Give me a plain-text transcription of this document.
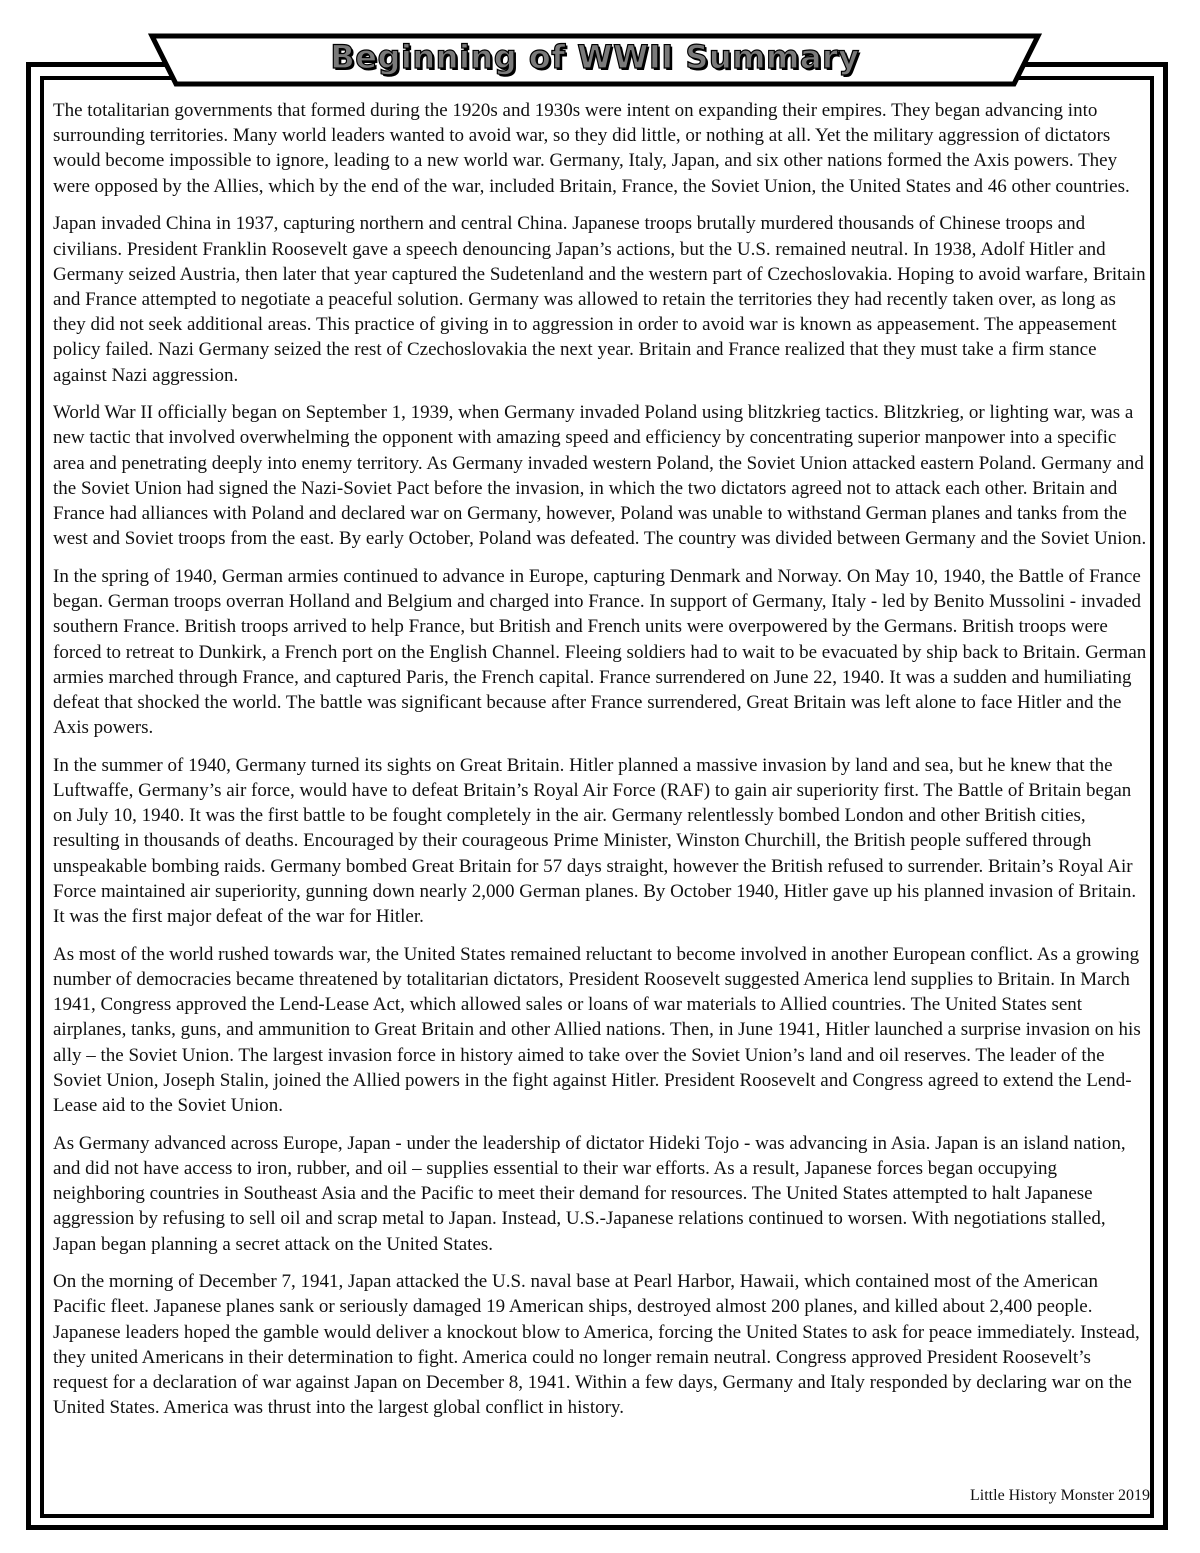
Beginning of WWII Summary

The totalitarian governments that formed during the 1920s and 1930s were intent on expanding their empires. They began advancing into surrounding territories. Many world leaders wanted to avoid war, so they did little, or nothing at all. Yet the military aggression of dictators would become impossible to ignore, leading to a new world war. Germany, Italy, Japan, and six other nations formed the Axis powers. They were opposed by the Allies, which by the end of the war, included Britain, France, the Soviet Union, the United States and 46 other countries.

Japan invaded China in 1937, capturing northern and central China. Japanese troops brutally murdered thousands of Chinese troops and civilians. President Franklin Roosevelt gave a speech denouncing Japan’s actions, but the U.S. remained neutral. In 1938, Adolf Hitler and Germany seized Austria, then later that year captured the Sudetenland and the western part of Czechoslovakia. Hoping to avoid warfare, Britain and France attempted to negotiate a peaceful solution. Germany was allowed to retain the territories they had recently taken over, as long as they did not seek additional areas. This practice of giving in to aggression in order to avoid war is known as appeasement. The appeasement policy failed. Nazi Germany seized the rest of Czechoslovakia the next year. Britain and France realized that they must take a firm stance against Nazi aggression.

World War II officially began on September 1, 1939, when Germany invaded Poland using blitzkrieg tactics. Blitzkrieg, or lighting war, was a new tactic that involved overwhelming the opponent with amazing speed and efficiency by concentrating superior manpower into a specific area and penetrating deeply into enemy territory. As Germany invaded western Poland, the Soviet Union attacked eastern Poland. Germany and the Soviet Union had signed the Nazi-Soviet Pact before the invasion, in which the two dictators agreed not to attack each other. Britain and France had alliances with Poland and declared war on Germany, however, Poland was unable to withstand German planes and tanks from the west and Soviet troops from the east. By early October, Poland was defeated. The country was divided between Germany and the Soviet Union.

In the spring of 1940, German armies continued to advance in Europe, capturing Denmark and Norway. On May 10, 1940, the Battle of France began. German troops overran Holland and Belgium and charged into France. In support of Germany, Italy - led by Benito Mussolini - invaded southern France. British troops arrived to help France, but British and French units were overpowered by the Germans. British troops were forced to retreat to Dunkirk, a French port on the English Channel. Fleeing soldiers had to wait to be evacuated by ship back to Britain. German armies marched through France, and captured Paris, the French capital. France surrendered on June 22, 1940. It was a sudden and humiliating defeat that shocked the world. The battle was significant because after France surrendered, Great Britain was left alone to face Hitler and the Axis powers.

In the summer of 1940, Germany turned its sights on Great Britain. Hitler planned a massive invasion by land and sea, but he knew that the Luftwaffe, Germany’s air force, would have to defeat Britain’s Royal Air Force (RAF) to gain air superiority first. The Battle of Britain began on July 10, 1940. It was the first battle to be fought completely in the air. Germany relentlessly bombed London and other British cities, resulting in thousands of deaths. Encouraged by their courageous Prime Minister, Winston Churchill, the British people suffered through unspeakable bombing raids. Germany bombed Great Britain for 57 days straight, however the British refused to surrender. Britain’s Royal Air Force maintained air superiority, gunning down nearly 2,000 German planes. By October 1940, Hitler gave up his planned invasion of Britain. It was the first major defeat of the war for Hitler.

As most of the world rushed towards war, the United States remained reluctant to become involved in another European conflict. As a growing number of democracies became threatened by totalitarian dictators, President Roosevelt suggested America lend supplies to Britain. In March 1941, Congress approved the Lend-Lease Act, which allowed sales or loans of war materials to Allied countries. The United States sent airplanes, tanks, guns, and ammunition to Great Britain and other Allied nations. Then, in June 1941, Hitler launched a surprise invasion on his ally – the Soviet Union. The largest invasion force in history aimed to take over the Soviet Union’s land and oil reserves. The leader of the Soviet Union, Joseph Stalin, joined the Allied powers in the fight against Hitler. President Roosevelt and Congress agreed to extend the Lend-Lease aid to the Soviet Union.

As Germany advanced across Europe, Japan - under the leadership of dictator Hideki Tojo - was advancing in Asia. Japan is an island nation, and did not have access to iron, rubber, and oil – supplies essential to their war efforts. As a result, Japanese forces began occupying neighboring countries in Southeast Asia and the Pacific to meet their demand for resources. The United States attempted to halt Japanese aggression by refusing to sell oil and scrap metal to Japan. Instead, U.S.-Japanese relations continued to worsen. With negotiations stalled, Japan began planning a secret attack on the United States.

On the morning of December 7, 1941, Japan attacked the U.S. naval base at Pearl Harbor, Hawaii, which contained most of the American Pacific fleet. Japanese planes sank or seriously damaged 19 American ships, destroyed almost 200 planes, and killed about 2,400 people. Japanese leaders hoped the gamble would deliver a knockout blow to America, forcing the United States to ask for peace immediately. Instead, they united Americans in their determination to fight. America could no longer remain neutral. Congress approved President Roosevelt’s request for a declaration of war against Japan on December 8, 1941. Within a few days, Germany and Italy responded by declaring war on the United States. America was thrust into the largest global conflict in history.

Little History Monster 2019
